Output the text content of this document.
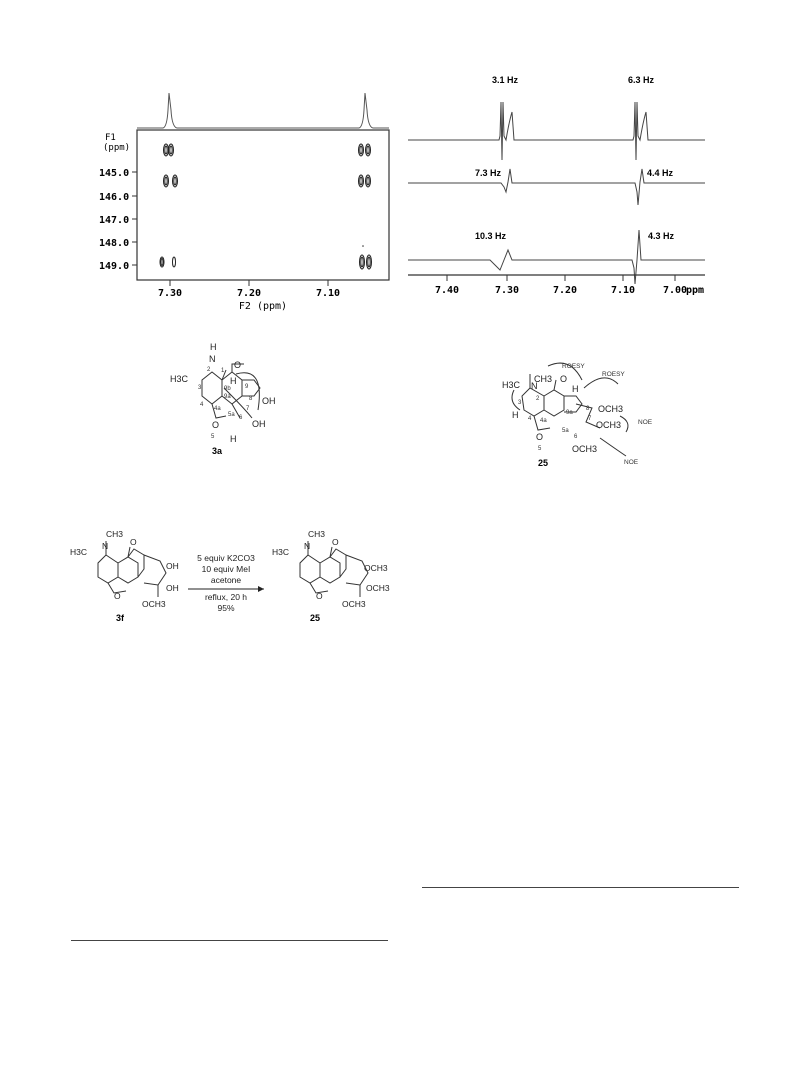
F1
(ppm)
145.0
146.0
147.0
148.0
149.0
7.30	7.20	7.10
F2 (ppm)
3.1 Hz	6.3 Hz
7.3 Hz	4.4 Hz
10.3 Hz	4.3 Hz
7.40	7.30	7.20	7.10	7.00
ppm
H
N
H3C
O
OH
OH
O
H
H
1
2
3
4
4a
5
5a 6
7
8
9
9a
9b
3a
ROESY
ROESY
NOE
NOE
CH3
H3C N
O
H
H
O
OCH3
OCH3
OCH3
2
3
4 4a
5
5a
6
7
8
9a
25
CH3
H3C
N	O
OH
OH
O
OCH3
3f
5 equiv K2CO3
10 equiv MeI
acetone
reflux, 20 h
95%
CH3
H3C
N	O
OCH3
OCH3
O
OCH3
25
